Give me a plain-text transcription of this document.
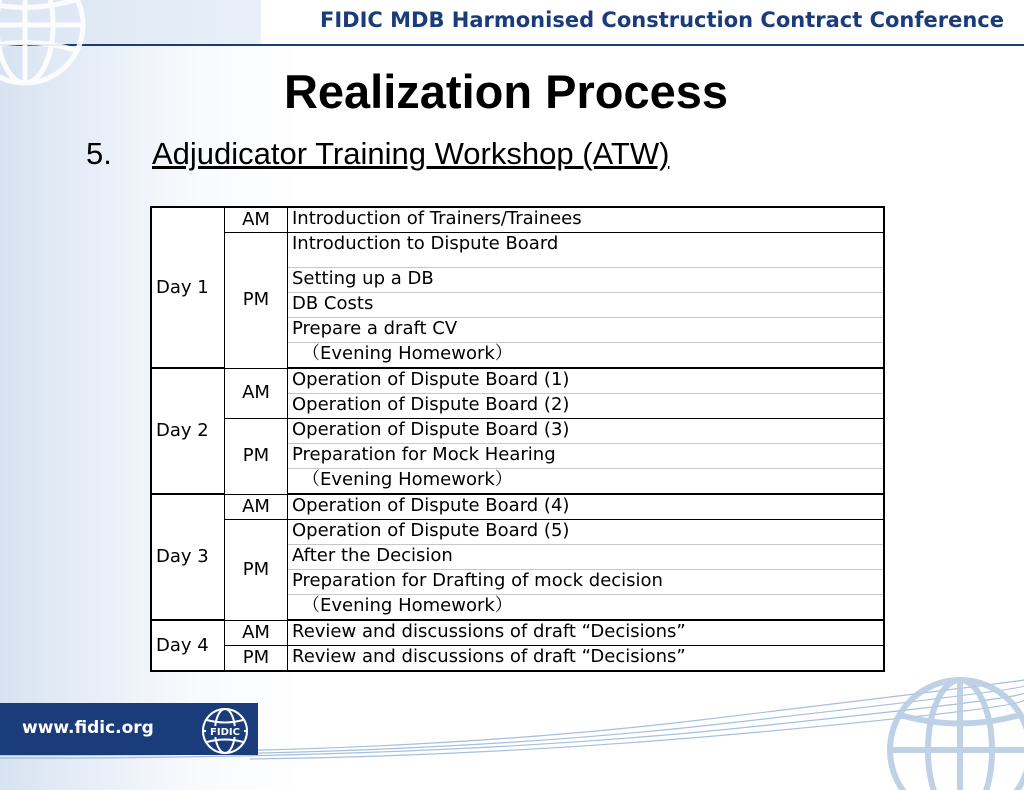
FIDIC MDB Harmonised Construction Contract Conference
Realization Process
5. Adjudicator Training Workshop (ATW)
Day 1	AM	Introduction of Trainers/Trainees
	PM	Introduction to Dispute Board
		Setting up a DB
		DB Costs
		Prepare a draft CV
		（Evening Homework）
Day 2	AM	Operation of Dispute Board (1)
		Operation of Dispute Board (2)
	PM	Operation of Dispute Board (3)
		Preparation for Mock Hearing
		（Evening Homework）
Day 3	AM	Operation of Dispute Board (4)
	PM	Operation of Dispute Board (5)
		After the Decision
		Preparation for Drafting of mock decision
		（Evening Homework）
Day 4	AM	Review and discussions of draft “Decisions”
	PM	Review and discussions of draft “Decisions”
www.fidic.org	FIDIC
